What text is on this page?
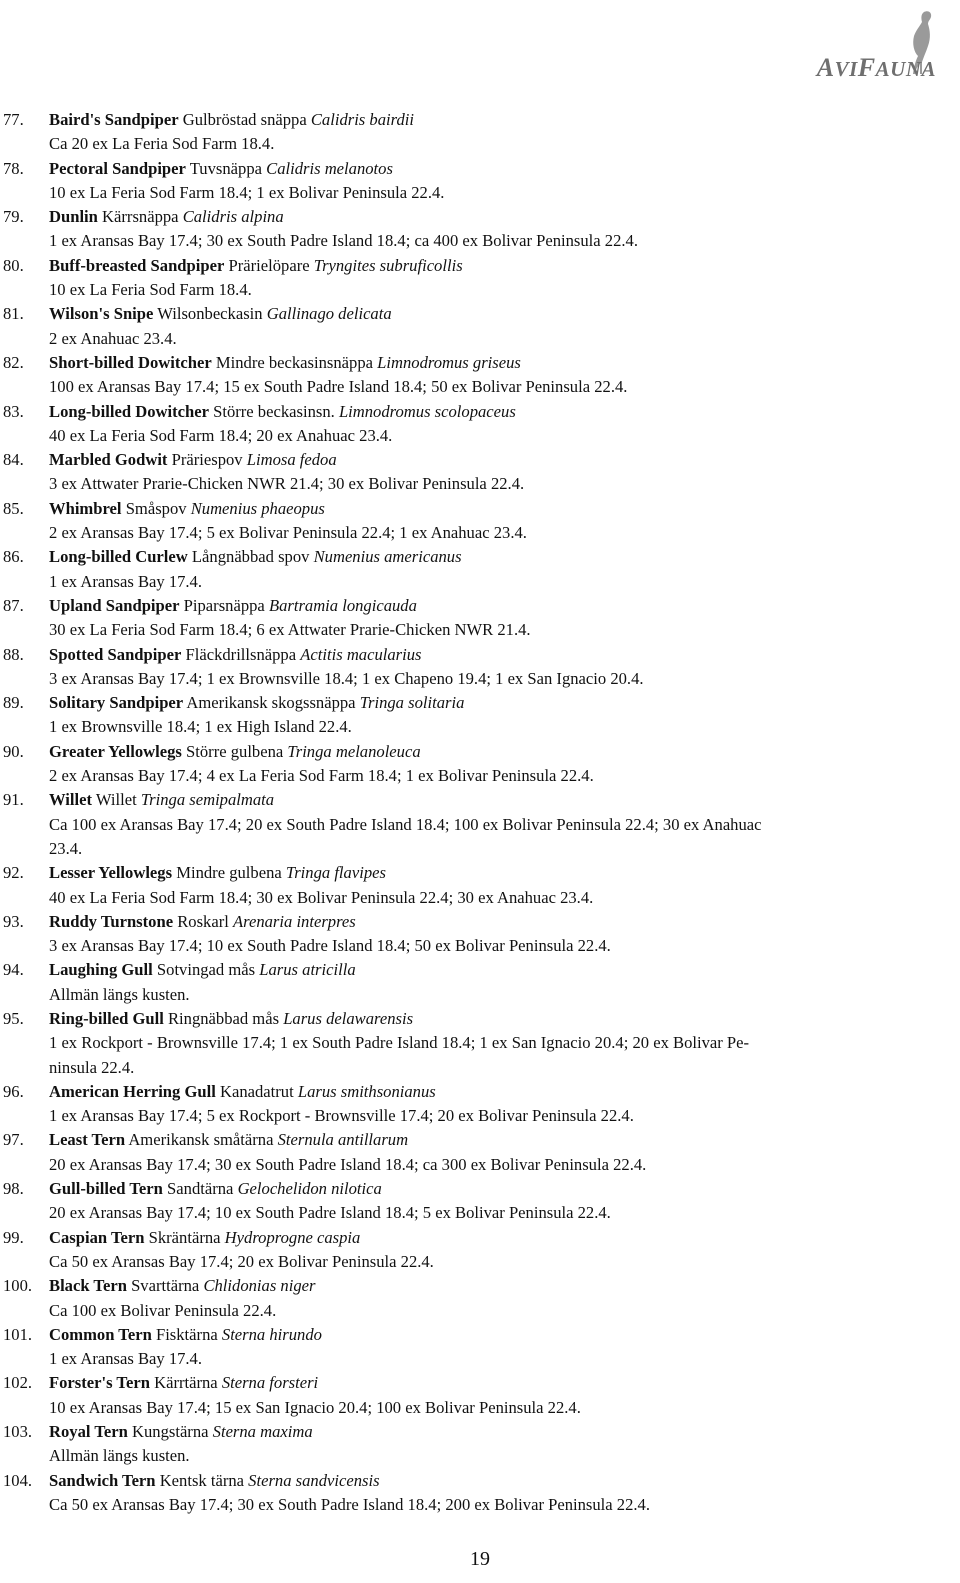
AVIFAUNA
77.	Baird's Sandpiper Gulbröstad snäppa Calidris bairdii
Ca 20 ex La Feria Sod Farm 18.4.
78.	Pectoral Sandpiper Tuvsnäppa Calidris melanotos
10 ex La Feria Sod Farm 18.4; 1 ex Bolivar Peninsula 22.4.
79.	Dunlin Kärrsnäppa Calidris alpina
1 ex Aransas Bay 17.4; 30 ex South Padre Island 18.4; ca 400 ex Bolivar Peninsula 22.4.
80.	Buff-breasted Sandpiper Prärielöpare Tryngites subruficollis
10 ex La Feria Sod Farm 18.4.
81.	Wilson's Snipe Wilsonbeckasin Gallinago delicata
2 ex Anahuac 23.4.
82.	Short-billed Dowitcher Mindre beckasinsnäppa Limnodromus griseus
100 ex Aransas Bay 17.4; 15 ex South Padre Island 18.4; 50 ex Bolivar Peninsula 22.4.
83.	Long-billed Dowitcher Större beckasinsn. Limnodromus scolopaceus
40 ex La Feria Sod Farm 18.4; 20 ex Anahuac 23.4.
84.	Marbled Godwit Präriespov Limosa fedoa
3 ex Attwater Prarie-Chicken NWR 21.4; 30 ex Bolivar Peninsula 22.4.
85.	Whimbrel Småspov Numenius phaeopus
2 ex Aransas Bay 17.4; 5 ex Bolivar Peninsula 22.4; 1 ex Anahuac 23.4.
86.	Long-billed Curlew Långnäbbad spov Numenius americanus
1 ex Aransas Bay 17.4.
87.	Upland Sandpiper Piparsnäppa Bartramia longicauda
30 ex La Feria Sod Farm 18.4; 6 ex Attwater Prarie-Chicken NWR 21.4.
88.	Spotted Sandpiper Fläckdrillsnäppa Actitis macularius
3 ex Aransas Bay 17.4; 1 ex Brownsville 18.4; 1 ex Chapeno 19.4; 1 ex San Ignacio 20.4.
89.	Solitary Sandpiper Amerikansk skogssnäppa Tringa solitaria
1 ex Brownsville 18.4; 1 ex High Island 22.4.
90.	Greater Yellowlegs Större gulbena Tringa melanoleuca
2 ex Aransas Bay 17.4; 4 ex La Feria Sod Farm 18.4; 1 ex Bolivar Peninsula 22.4.
91.	Willet Willet Tringa semipalmata
Ca 100 ex Aransas Bay 17.4; 20 ex South Padre Island 18.4; 100 ex Bolivar Peninsula 22.4; 30 ex Anahuac
23.4.
92.	Lesser Yellowlegs Mindre gulbena Tringa flavipes
40 ex La Feria Sod Farm 18.4; 30 ex Bolivar Peninsula 22.4; 30 ex Anahuac 23.4.
93.	Ruddy Turnstone Roskarl Arenaria interpres
3 ex Aransas Bay 17.4; 10 ex South Padre Island 18.4; 50 ex Bolivar Peninsula 22.4.
94.	Laughing Gull Sotvingad mås Larus atricilla
Allmän längs kusten.
95.	Ring-billed Gull Ringnäbbad mås Larus delawarensis
1 ex Rockport - Brownsville 17.4; 1 ex South Padre Island 18.4; 1 ex San Ignacio 20.4; 20 ex Bolivar Pe-
ninsula 22.4.
96.	American Herring Gull Kanadatrut Larus smithsonianus
1 ex Aransas Bay 17.4; 5 ex Rockport - Brownsville 17.4; 20 ex Bolivar Peninsula 22.4.
97.	Least Tern Amerikansk småtärna Sternula antillarum
20 ex Aransas Bay 17.4; 30 ex South Padre Island 18.4; ca 300 ex Bolivar Peninsula 22.4.
98.	Gull-billed Tern Sandtärna Gelochelidon nilotica
20 ex Aransas Bay 17.4; 10 ex South Padre Island 18.4; 5 ex Bolivar Peninsula 22.4.
99.	Caspian Tern Skräntärna Hydroprogne caspia
Ca 50 ex Aransas Bay 17.4; 20 ex Bolivar Peninsula 22.4.
100.	Black Tern Svarttärna Chlidonias niger
Ca 100 ex Bolivar Peninsula 22.4.
101.	Common Tern Fisktärna Sterna hirundo
1 ex Aransas Bay 17.4.
102.	Forster's Tern Kärrtärna Sterna forsteri
10 ex Aransas Bay 17.4; 15 ex San Ignacio 20.4; 100 ex Bolivar Peninsula 22.4.
103.	Royal Tern Kungstärna Sterna maxima
Allmän längs kusten.
104.	Sandwich Tern Kentsk tärna Sterna sandvicensis
Ca 50 ex Aransas Bay 17.4; 30 ex South Padre Island 18.4; 200 ex Bolivar Peninsula 22.4.
19
